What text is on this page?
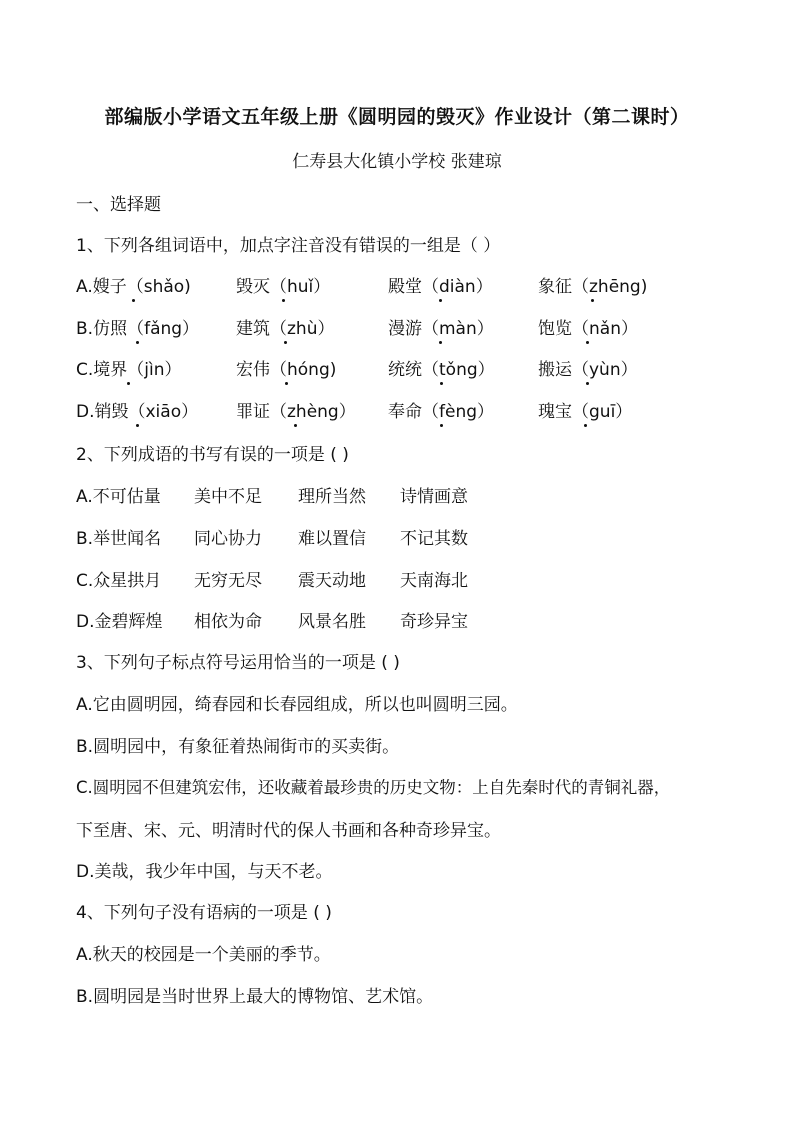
部编版小学语文五年级上册《圆明园的毁灭》作业设计（第二课时）
仁寿县大化镇小学校 张建琼
一、选择题
1、下列各组词语中，加点字注音没有错误的一组是（ ）
A.嫂子（shǎo)	毁灭（huǐ）	殿堂（diàn）	象征（zhēng)
B.仿照（fǎng） 建筑（zhù）	漫游（màn）	饱览（nǎn）
C.境界（jìn）	宏伟（hóng)	统统（tǒng）	搬运（yùn）
D.销毁（xiāo） 罪证（zhèng） 奉命（fèng）	瑰宝（guī）
2、下列成语的书写有误的一项是 ( )
A.不可估量 美中不足 理所当然 诗情画意
B.举世闻名 同心协力 难以置信 不记其数
C.众星拱月 无穷无尽 震天动地 天南海北
D.金碧辉煌 相依为命 风景名胜 奇珍异宝
3、下列句子标点符号运用恰当的一项是 ( )
A.它由圆明园，绮春园和长春园组成，所以也叫圆明三园。
B.圆明园中，有象征着热闹街市的买卖街。
C.圆明园不但建筑宏伟，还收藏着最珍贵的历史文物：上自先秦时代的青铜礼器，
下至唐、宋、元、明清时代的保人书画和各种奇珍异宝。
D.美哉，我少年中国，与天不老。
4、下列句子没有语病的一项是 ( )
A.秋天的校园是一个美丽的季节。
B.圆明园是当时世界上最大的博物馆、艺术馆。
